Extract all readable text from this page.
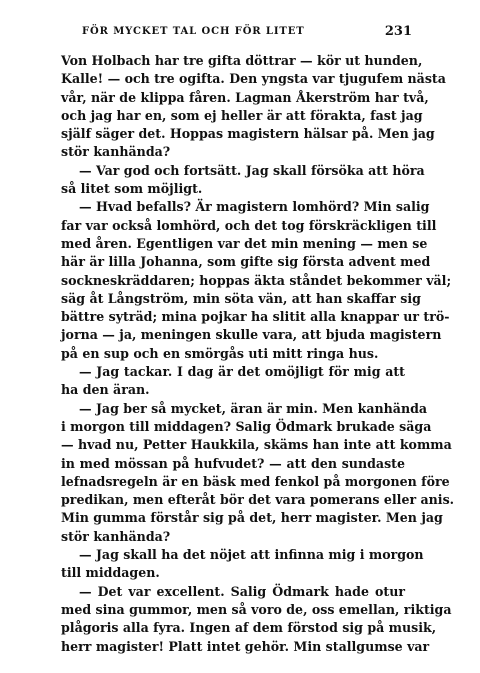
FÖR MYCKET TAL OCH FÖR LITET	231
Von Holbach har tre gifta döttrar — kör ut hunden,
Kalle! — och tre ogifta. Den yngsta var tjugufem nästa
vår, när de klippa fåren. Lagman Åkerström har två,
och jag har en, som ej heller är att förakta, fast jag
själf säger det. Hoppas magistern hälsar på. Men jag
stör kanhända?
— Var god och fortsätt. Jag skall försöka att höra
så litet som möjligt.
— Hvad befalls? Är magistern lomhörd? Min salig
far var också lomhörd, och det tog förskräckligen till
med åren. Egentligen var det min mening — men se
här är lilla Johanna, som gifte sig första advent med
sockneskräddaren; hoppas äkta ståndet bekommer väl;
säg åt Långström, min söta vän, att han skaffar sig
bättre syträd; mina pojkar ha slitit alla knappar ur trö-
jorna — ja, meningen skulle vara, att bjuda magistern
på en sup och en smörgås uti mitt ringa hus.
— Jag tackar. I dag är det omöjligt för mig att
ha den äran.
— Jag ber så mycket, äran är min. Men kanhända
i morgon till middagen? Salig Ödmark brukade säga
— hvad nu, Petter Haukkila, skäms han inte att komma
in med mössan på hufvudet? — att den sundaste
lefnadsregeln är en bäsk med fenkol på morgonen före
predikan, men efteråt bör det vara pomerans eller anis.
Min gumma förstår sig på det, herr magister. Men jag
stör kanhända?
— Jag skall ha det nöjet att infinna mig i morgon
till middagen.
— Det var excellent. Salig Ödmark hade otur
med sina gummor, men så voro de, oss emellan, riktiga
plågoris alla fyra. Ingen af dem förstod sig på musik,
herr magister! Platt intet gehör. Min stallgumse var
